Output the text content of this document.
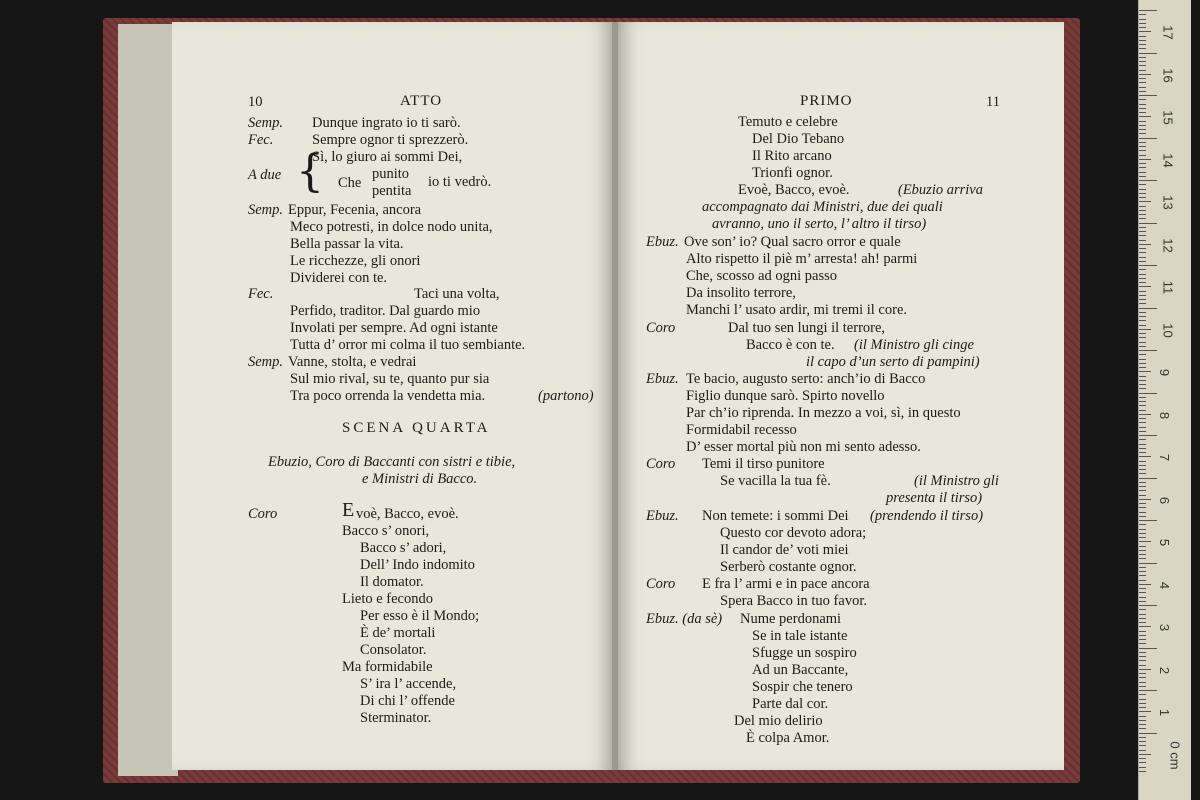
10	ATTO
Semp. Dunque ingrato io ti sarò.
Fec.	Sempre ognor ti sprezzerò.
Sì, lo giuro ai sommi Dei,
A due { Che
punito io ti vedrò.
pentita
Semp. Eppur, Fecenia, ancora
Meco potresti, in dolce nodo unita,
Bella passar la vita.
Le ricchezze, gli onori
Dividerei con te.
Fec.	Taci una volta,
Perfido, traditor. Dal guardo mio
Involati per sempre. Ad ogni istante
Tutta d’ orror mi colma il tuo sembiante.
Semp. Vanne, stolta, e vedrai
Sul mio rival, su te, quanto pur sia
Tra poco orrenda la vendetta mia.	(partono)
SCENA QUARTA
Ebuzio, Coro di Baccanti con sistri e tibie,
e Ministri di Bacco.
Coro	E voè, Bacco, evoè.
Bacco s’ onori,
Bacco s’ adori,
Dell’ Indo indomito
Il domator.
Lieto e fecondo
Per esso è il Mondo;
È de’ mortali
Consolator.
Ma formidabile
S’ ira l’ accende,
Di chi l’ offende
Sterminator.
PRIMO	11
Temuto e celebre
Del Dio Tebano
Il Rito arcano
Trionfi ognor.
Evoè, Bacco, evoè.	(Ebuzio arriva
accompagnato dai Ministri, due dei quali
avranno, uno il serto, l’ altro il tirso)
Ebuz. Ove son’ io? Qual sacro orror e quale
Alto rispetto il piè m’ arresta! ah! parmi
Che, scosso ad ogni passo
Da insolito terrore,
Manchi l’ usato ardir, mi tremi il core.
Coro	Dal tuo sen lungi il terrore,
Bacco è con te. (il Ministro gli cinge
il capo d’un serto di pampini)
Ebuz. Te bacio, augusto serto: anch’io di Bacco
Figlio dunque sarò. Spirto novello
Par ch’io riprenda. In mezzo a voi, sì, in questo
Formidabil recesso
D’ esser mortal più non mi sento adesso.
Coro Temi il tirso punitore
Se vacilla la tua fè.	(il Ministro gli
presenta il tirso)
Ebuz. Non temete: i sommi Dei (prendendo il tirso)
Questo cor devoto adora;
Il candor de’ voti miei
Serberò costante ognor.
Coro E fra l’ armi e in pace ancora
Spera Bacco in tuo favor.
Ebuz. (da sè) Nume perdonami
Se in tale istante
Sfugge un sospiro
Ad un Baccante,
Sospir che tenero
Parte dal cor.
Del mio delirio
È colpa Amor.
17
16
15
14
13
12
11
10
9
8
7
6
5
4
3
2
1
0 cm
